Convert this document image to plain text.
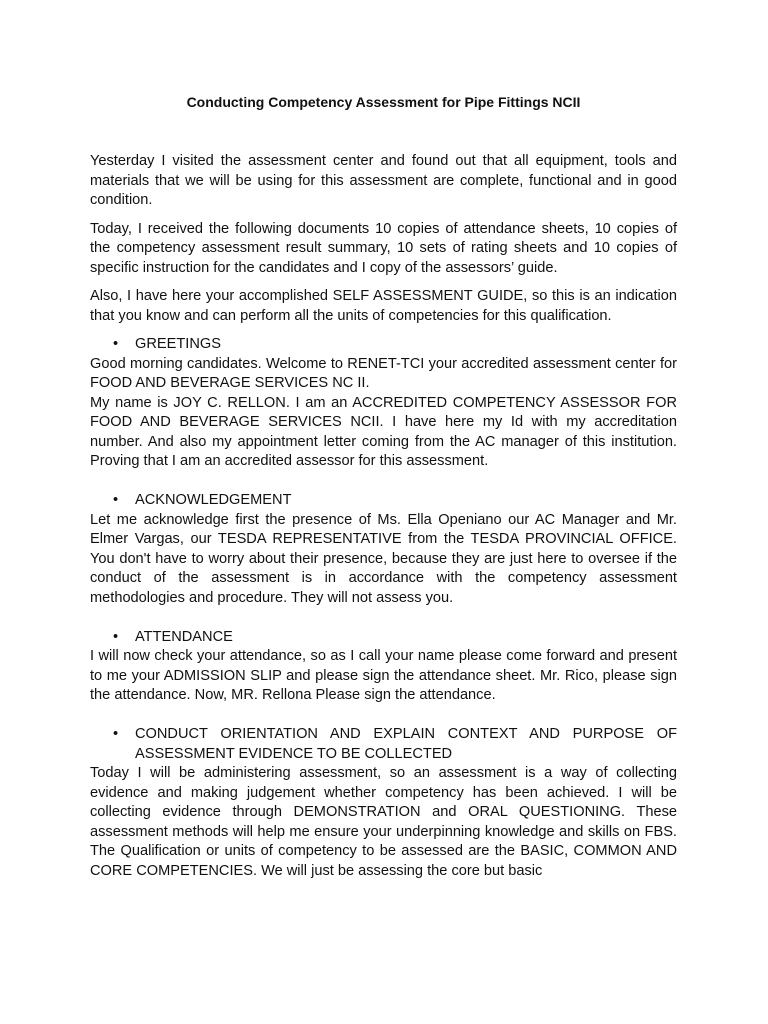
Conducting Competency Assessment for Pipe Fittings NCII

Yesterday I visited the assessment center and found out that all equipment, tools and materials that we will be using for this assessment are complete, functional and in good condition.

Today, I received the following documents 10 copies of attendance sheets, 10 copies of the competency assessment result summary, 10 sets of rating sheets and 10 copies of specific instruction for the candidates and I copy of the assessors’ guide.

Also, I have here your accomplished SELF ASSESSMENT GUIDE, so this is an indication that you know and can perform all the units of competencies for this qualification.

•	GREETINGS

Good morning candidates. Welcome to RENET-TCI your accredited assessment center for FOOD AND BEVERAGE SERVICES NC II.

My name is JOY C. RELLON. I am an ACCREDITED COMPETENCY ASSESSOR FOR FOOD AND BEVERAGE SERVICES NCII. I have here my Id with my accreditation number. And also my appointment letter coming from the AC manager of this institution. Proving that I am an accredited assessor for this assessment.

•	ACKNOWLEDGEMENT

Let me acknowledge first the presence of Ms. Ella Openiano our AC Manager and Mr. Elmer Vargas, our TESDA REPRESENTATIVE from the TESDA PROVINCIAL OFFICE. You don't have to worry about their presence, because they are just here to oversee if the conduct of the assessment is in accordance with the competency assessment methodologies and procedure. They will not assess you.

•	ATTENDANCE

I will now check your attendance, so as I call your name please come forward and present to me your ADMISSION SLIP and please sign the attendance sheet. Mr. Rico, please sign the attendance. Now, MR. Rellona Please sign the attendance.

•	CONDUCT ORIENTATION AND EXPLAIN CONTEXT AND PURPOSE OF ASSESSMENT EVIDENCE TO BE COLLECTED

Today I will be administering assessment, so an assessment is a way of collecting evidence and making judgement whether competency has been achieved. I will be collecting evidence through DEMONSTRATION and ORAL QUESTIONING. These assessment methods will help me ensure your underpinning knowledge and skills on FBS. The Qualification or units of competency to be assessed are the BASIC, COMMON AND CORE COMPETENCIES. We will just be assessing the core but basic
